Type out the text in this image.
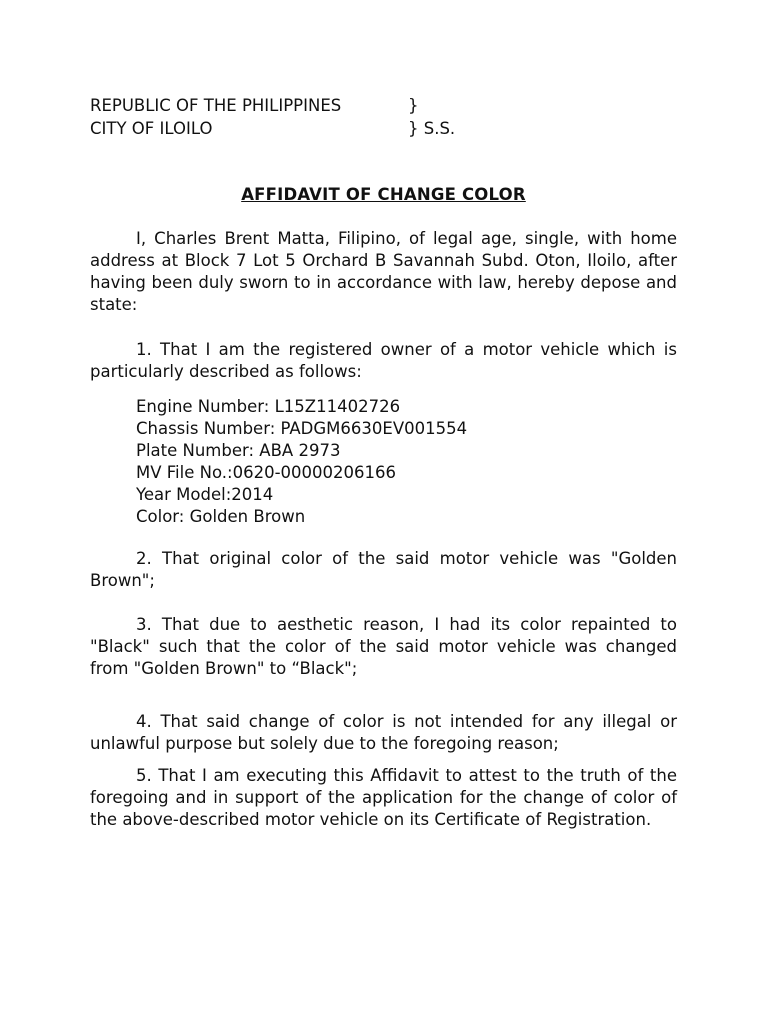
REPUBLIC OF THE PHILIPPINES	}
CITY OF ILOILO	} S.S.
AFFIDAVIT OF CHANGE COLOR

I, Charles Brent Matta, Filipino, of legal age, single, with home address at Block 7 Lot 5 Orchard B Savannah Subd. Oton, Iloilo, after having been duly sworn to in accordance with law, hereby depose and state:

1. That I am the registered owner of a motor vehicle which is particularly described as follows:

Engine Number: L15Z11402726
Chassis Number: PADGM6630EV001554
Plate Number: ABA 2973
MV File No.:0620-00000206166
Year Model:2014
Color: Golden Brown

2. That original color of the said motor vehicle was "Golden Brown";

3. That due to aesthetic reason, I had its color repainted to "Black" such that the color of the said motor vehicle was changed from "Golden Brown" to “Black";

4. That said change of color is not intended for any illegal or unlawful purpose but solely due to the foregoing reason;

5. That I am executing this Affidavit to attest to the truth of the foregoing and in support of the application for the change of color of the above-described motor vehicle on its Certificate of Registration.
